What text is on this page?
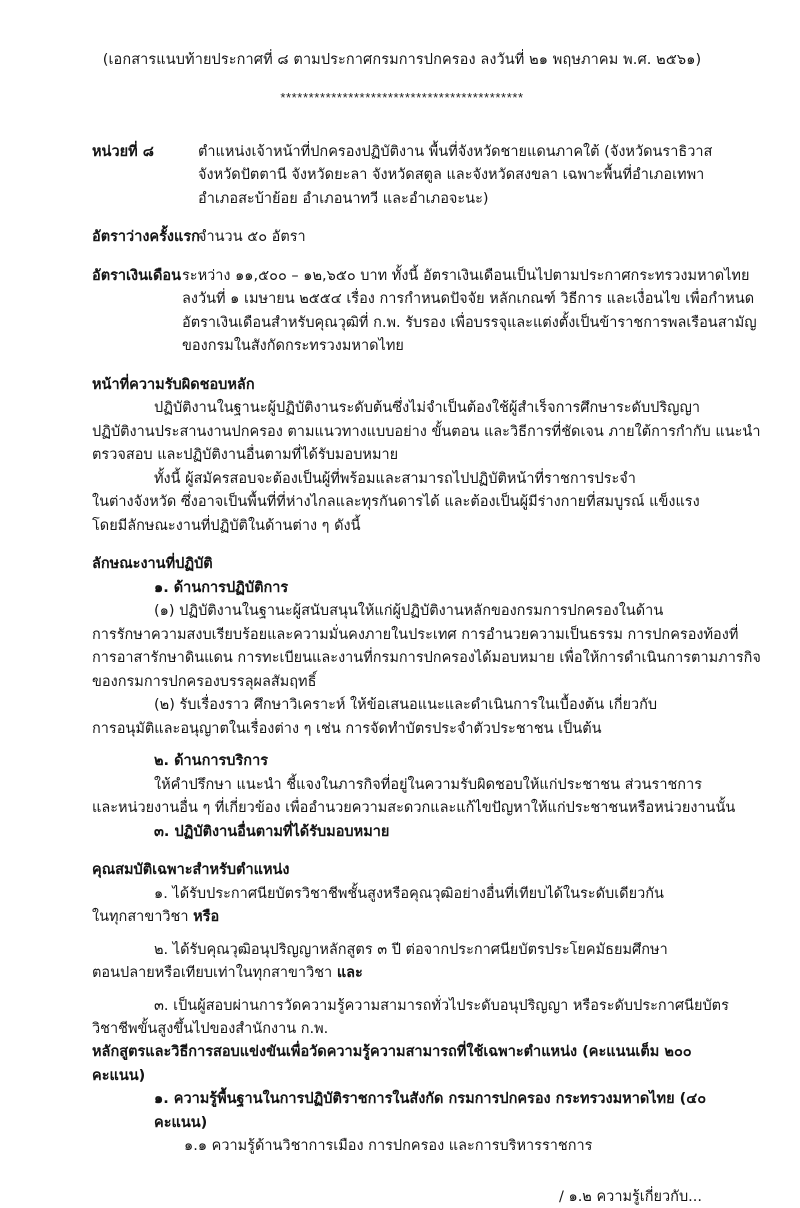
(เอกสารแนบท้ายประกาศที่ ๘ ตามประกาศกรมการปกครอง ลงวันที่ ๒๑ พฤษภาคม พ.ศ. ๒๕๖๑)
*******************************************
หน่วยที่ ๘	ตำแหน่งเจ้าหน้าที่ปกครองปฏิบัติงาน พื้นที่จังหวัดชายแดนภาคใต้ (จังหวัดนราธิวาส
จังหวัดปัตตานี จังหวัดยะลา จังหวัดสตูล และจังหวัดสงขลา เฉพาะพื้นที่อำเภอเทพา
อำเภอสะบ้าย้อย อำเภอนาทวี และอำเภอจะนะ)
อัตราว่างครั้งแรก
จำนวน ๕๐ อัตรา
อัตราเงินเดือน ระหว่าง ๑๑,๕๐๐ – ๑๒,๖๕๐ บาท ทั้งนี้ อัตราเงินเดือนเป็นไปตามประกาศกระทรวงมหาดไทย
ลงวันที่ ๑ เมษายน ๒๕๕๔ เรื่อง การกำหนดปัจจัย หลักเกณฑ์ วิธีการ และเงื่อนไข เพื่อกำหนด
อัตราเงินเดือนสำหรับคุณวุฒิที่ ก.พ. รับรอง เพื่อบรรจุและแต่งตั้งเป็นข้าราชการพลเรือนสามัญ
ของกรมในสังกัดกระทรวงมหาดไทย
หน้าที่ความรับผิดชอบหลัก
ปฏิบัติงานในฐานะผู้ปฏิบัติงานระดับต้นซึ่งไม่จำเป็นต้องใช้ผู้สำเร็จการศึกษาระดับปริญญา
ปฏิบัติงานประสานงานปกครอง ตามแนวทางแบบอย่าง ขั้นตอน และวิธีการที่ชัดเจน ภายใต้การกำกับ แนะนำ
ตรวจสอบ และปฏิบัติงานอื่นตามที่ได้รับมอบหมาย
ทั้งนี้ ผู้สมัครสอบจะต้องเป็นผู้ที่พร้อมและสามารถไปปฏิบัติหน้าที่ราชการประจำ
ในต่างจังหวัด ซึ่งอาจเป็นพื้นที่ที่ห่างไกลและทุรกันดารได้ และต้องเป็นผู้มีร่างกายที่สมบูรณ์ แข็งแรง
โดยมีลักษณะงานที่ปฏิบัติในด้านต่าง ๆ ดังนี้
ลักษณะงานที่ปฏิบัติ
๑. ด้านการปฏิบัติการ
(๑) ปฏิบัติงานในฐานะผู้สนับสนุนให้แก่ผู้ปฏิบัติงานหลักของกรมการปกครองในด้าน
การรักษาความสงบเรียบร้อยและความมั่นคงภายในประเทศ การอำนวยความเป็นธรรม การปกครองท้องที่
การอาสารักษาดินแดน การทะเบียนและงานที่กรมการปกครองได้มอบหมาย เพื่อให้การดำเนินการตามภารกิจ
ของกรมการปกครองบรรลุผลสัมฤทธิ์
(๒) รับเรื่องราว ศึกษาวิเคราะห์ ให้ข้อเสนอแนะและดำเนินการในเบื้องต้น เกี่ยวกับ
การอนุมัติและอนุญาตในเรื่องต่าง ๆ เช่น การจัดทำบัตรประจำตัวประชาชน เป็นต้น
๒. ด้านการบริการ
ให้คำปรึกษา แนะนำ ชี้แจงในภารกิจที่อยู่ในความรับผิดชอบให้แก่ประชาชน ส่วนราชการ
และหน่วยงานอื่น ๆ ที่เกี่ยวข้อง เพื่ออำนวยความสะดวกและแก้ไขปัญหาให้แก่ประชาชนหรือหน่วยงานนั้น
๓. ปฏิบัติงานอื่นตามที่ได้รับมอบหมาย
คุณสมบัติเฉพาะสำหรับตำแหน่ง
๑. ได้รับประกาศนียบัตรวิชาชีพชั้นสูงหรือคุณวุฒิอย่างอื่นที่เทียบได้ในระดับเดียวกัน
ในทุกสาขาวิชา หรือ
๒. ได้รับคุณวุฒิอนุปริญญาหลักสูตร ๓ ปี ต่อจากประกาศนียบัตรประโยคมัธยมศึกษา
ตอนปลายหรือเทียบเท่าในทุกสาขาวิชา และ
๓. เป็นผู้สอบผ่านการวัดความรู้ความสามารถทั่วไประดับอนุปริญญา หรือระดับประกาศนียบัตร
วิชาชีพขั้นสูงขึ้นไปของสำนักงาน ก.พ.
หลักสูตรและวิธีการสอบแข่งขันเพื่อวัดความรู้ความสามารถที่ใช้เฉพาะตำแหน่ง (คะแนนเต็ม ๒๐๐ คะแนน)
๑. ความรู้พื้นฐานในการปฏิบัติราชการในสังกัด กรมการปกครอง กระทรวงมหาดไทย (๔๐ คะแนน)
๑.๑ ความรู้ด้านวิชาการเมือง การปกครอง และการบริหารราชการ
/ ๑.๒ ความรู้เกี่ยวกับ...
